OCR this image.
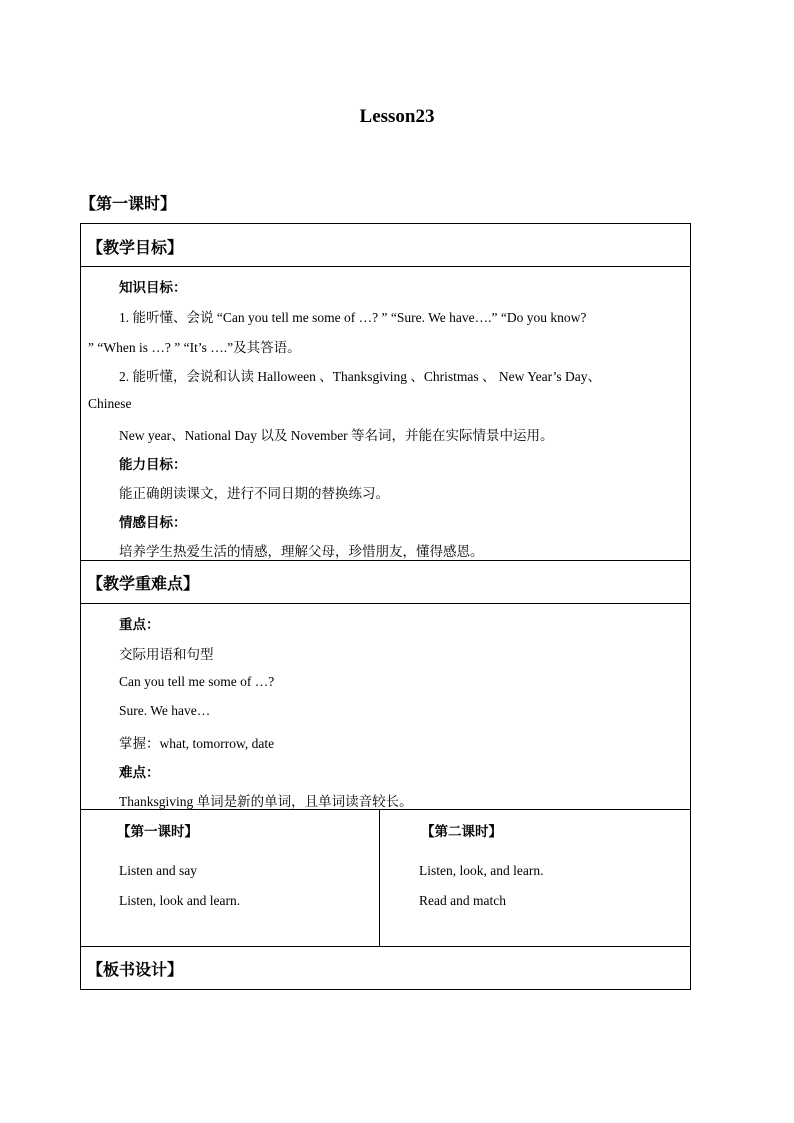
Lesson23
【第一课时】
【教学目标】
知识目标：
1. 能听懂、会说 “Can you tell me some of …? ” “Sure. We have….” “Do you know?
” “When is …? ” “It’s ….”及其答语。
2. 能听懂，会说和认读 Halloween 、Thanksgiving 、Christmas 、 New Year’s Day、
Chinese
New year、National Day 以及 November 等名词，并能在实际情景中运用。
能力目标：
能正确朗读课文，进行不同日期的替换练习。
情感目标：
培养学生热爱生活的情感，理解父母，珍惜朋友，懂得感恩。
【教学重难点】
重点：
交际用语和句型
Can you tell me some of …?
Sure. We have…
掌握：what, tomorrow, date
难点：
Thanksgiving 单词是新的单词，且单词读音较长。
【第一课时】
Listen and say
Listen, look and learn.
【第二课时】
Listen, look, and learn.
Read and match
【板书设计】
